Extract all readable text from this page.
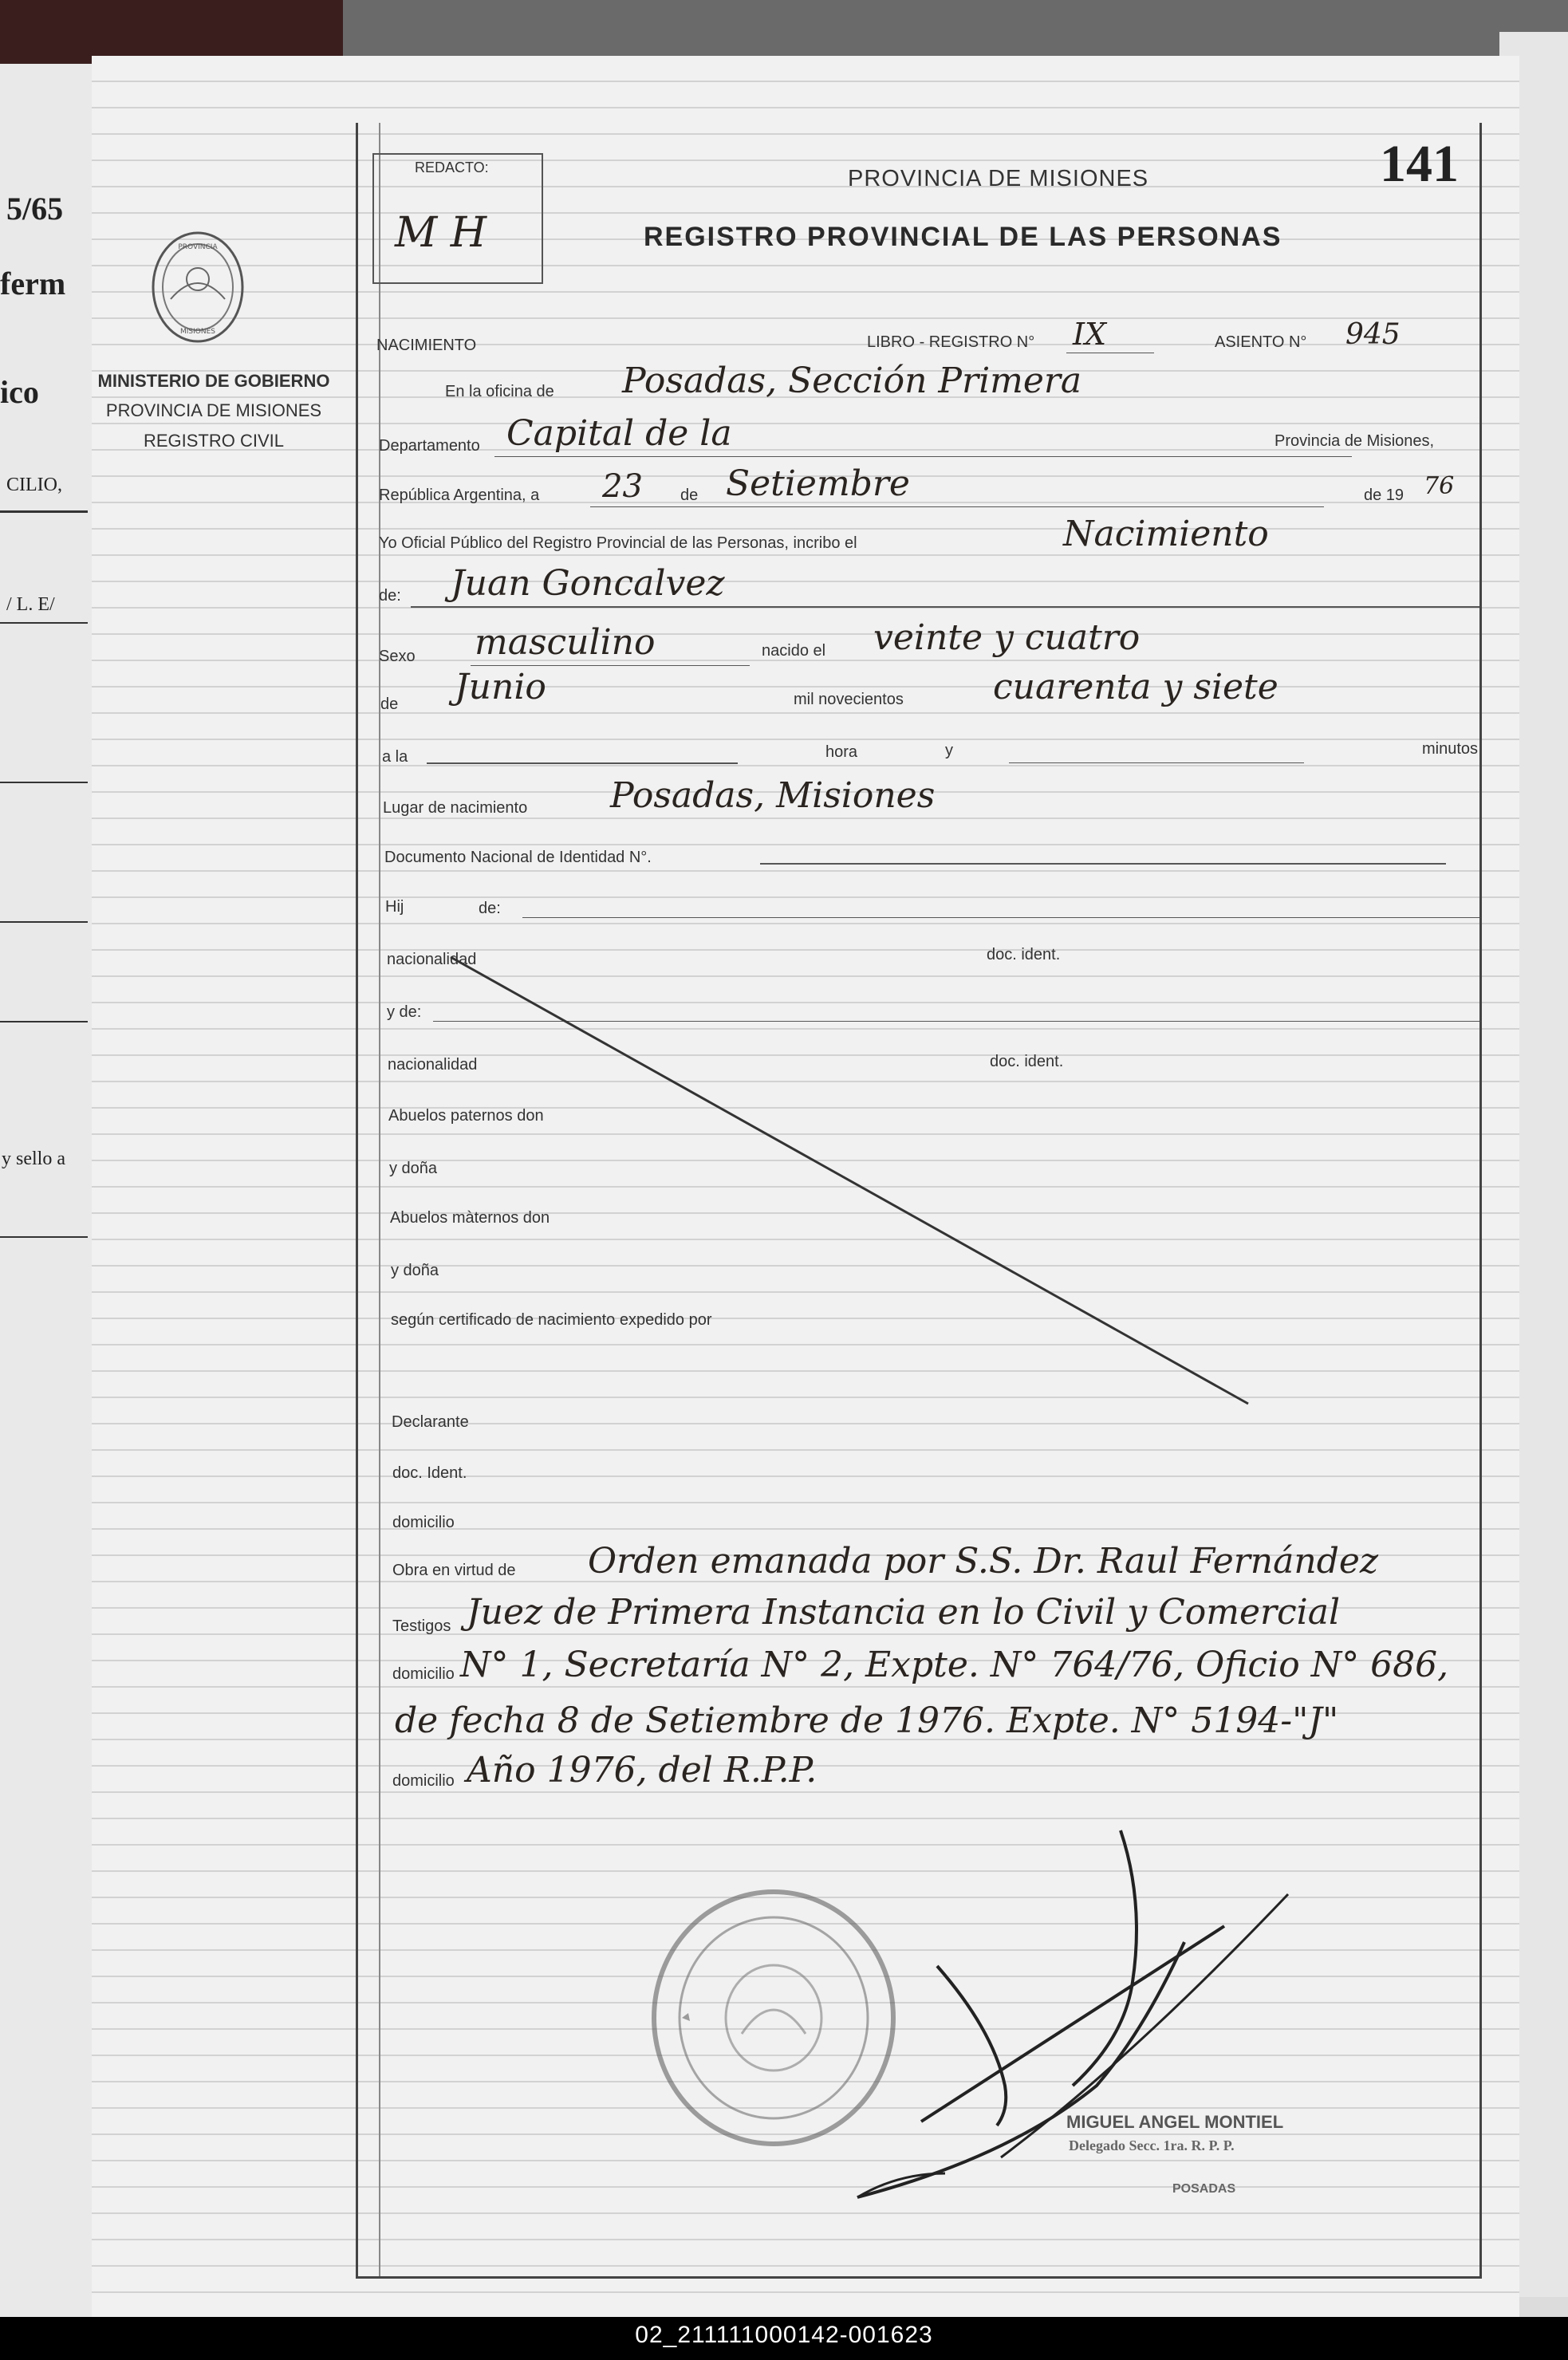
5/65
ferm
ico
CILIO,
/ L. E/
y sello a
PROVINCIA
MISIONES
MINISTERIO DE GOBIERNO
PROVINCIA DE MISIONES
REGISTRO CIVIL
REDACTO:
M H
PROVINCIA DE MISIONES
REGISTRO PROVINCIAL DE LAS PERSONAS
141
NACIMIENTO	LIBRO - REGISTRO N° IX	ASIENTO N° 945
En la oficina de Posadas, Sección Primera
Departamento Capital de la	Provincia de Misiones,
República Argentina, a 23 de Setiembre	de 19 76
Yo Oficial Público del Registro Provincial de las Personas, incribo el	Nacimiento
de: Juan Goncalvez
Sexo masculino	nacido el veinte y cuatro
de Junio	mil novecientos	cuarenta y siete
a la	hora	y	minutos
Lugar de nacimiento Posadas, Misiones
Documento Nacional de Identidad N°.
Hij	de:
nacionalidad	doc. ident.
y de:
nacionalidad	doc. ident.
Abuelos paternos don
y doña
Abuelos màternos don
y doña
según certificado de nacimiento expedido por
Declarante
doc. Ident.
domicilio
Obra en virtud de Orden emanada por S.S. Dr. Raul Fernández
Testigos Juez de Primera Instancia en lo Civil y Comercial
domicilio N° 1, Secretaría N° 2, Expte. N° 764/76, Oficio N° 686,
de fecha 8 de Setiembre de 1976. Expte. N° 5194-"J"
domicilio Año 1976, del R.P.P.
MIGUEL ANGEL MONTIEL
Delegado Secc. 1ra. R. P. P.
POSADAS
02_211111000142-001623
